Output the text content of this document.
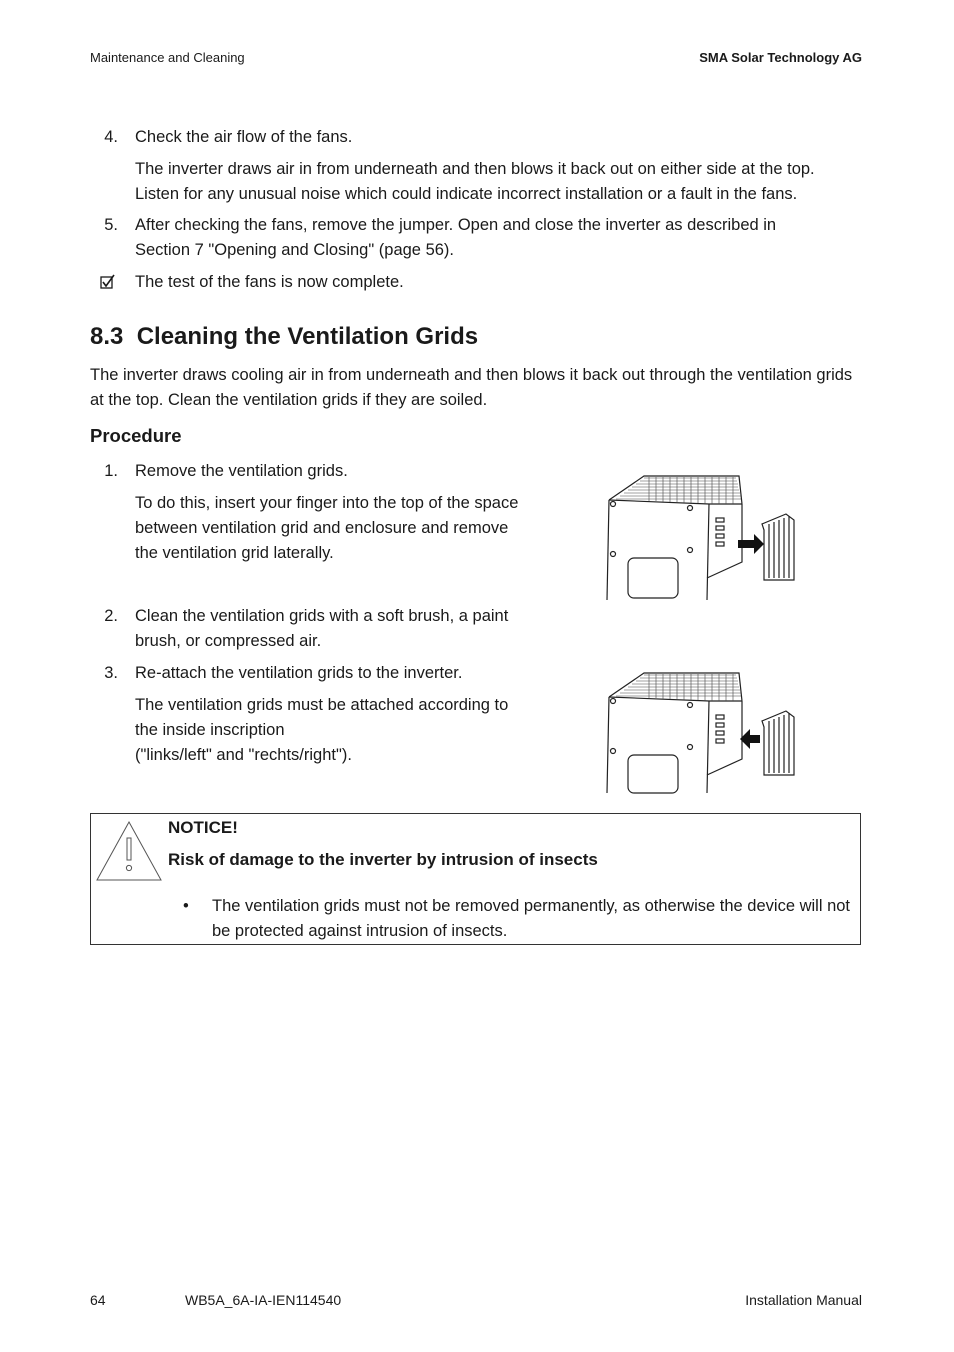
Maintenance and Cleaning	SMA Solar Technology AG
4. Check the air flow of the fans.
The inverter draws air in from underneath and then blows it back out on either side at the top. Listen for any unusual noise which could indicate incorrect installation or a fault in the fans.
5. After checking the fans, remove the jumper. Open and close the inverter as described in Section 7 "Opening and Closing" (page 56).
The test of the fans is now complete.
8.3  Cleaning the Ventilation Grids
The inverter draws cooling air in from underneath and then blows it back out through the ventilation grids at the top. Clean the ventilation grids if they are soiled.
Procedure
1. Remove the ventilation grids.
To do this, insert your finger into the top of the space between ventilation grid and enclosure and remove the ventilation grid laterally.
2. Clean the ventilation grids with a soft brush, a paint brush, or compressed air.
3. Re-attach the ventilation grids to the inverter.
The ventilation grids must be attached according to
the inside inscription
("links/left" and "rechts/right").
NOTICE!
Risk of damage to the inverter by intrusion of insects
• The ventilation grids must not be removed permanently, as otherwise the device will not be protected against intrusion of insects.
64	WB5A_6A-IA-IEN114540	Installation Manual
